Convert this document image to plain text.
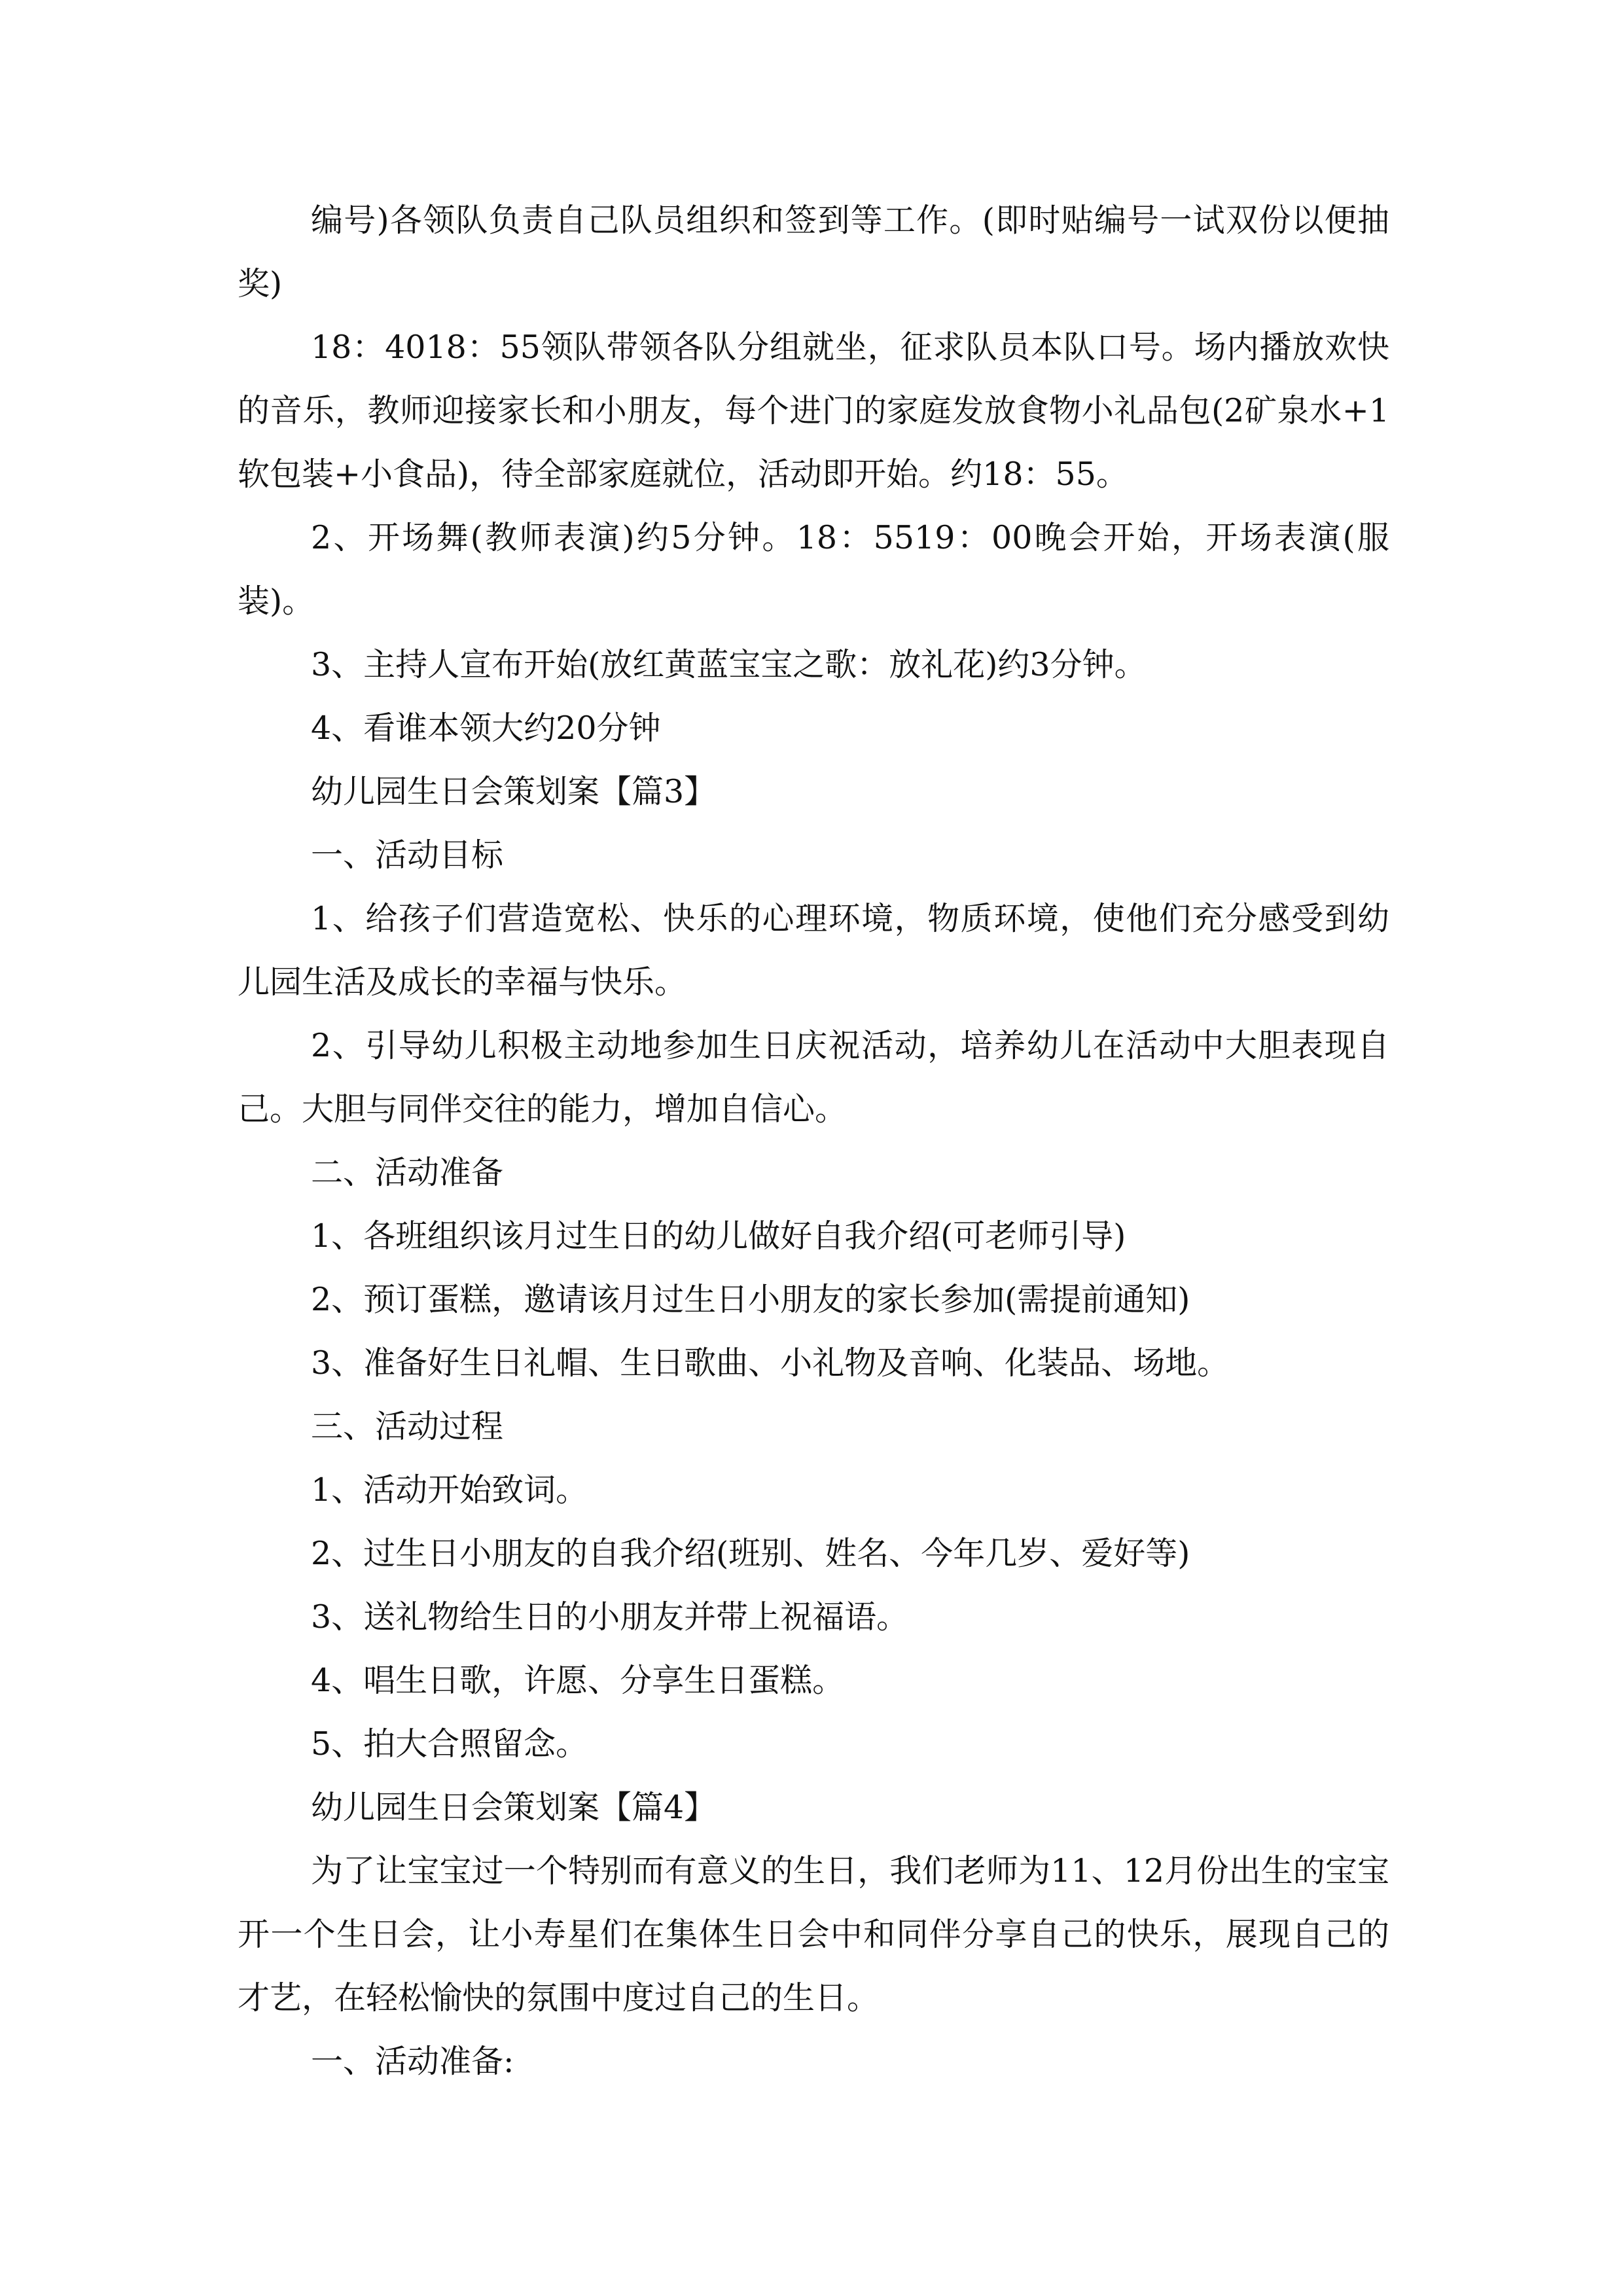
编号)各领队负责自己队员组织和签到等工作。(即时贴编号一试双份以便抽奖)

18：4018：55领队带领各队分组就坐，征求队员本队口号。场内播放欢快的音乐，教师迎接家长和小朋友，每个进门的家庭发放食物小礼品包(2矿泉水+1软包装+小食品)，待全部家庭就位，活动即开始。约18：55。

2、开场舞(教师表演)约5分钟。18：5519：00晚会开始，开场表演(服装)。

3、主持人宣布开始(放红黄蓝宝宝之歌：放礼花)约3分钟。

4、看谁本领大约20分钟

幼儿园生日会策划案【篇3】

一、活动目标

1、给孩子们营造宽松、快乐的心理环境，物质环境，使他们充分感受到幼儿园生活及成长的幸福与快乐。

2、引导幼儿积极主动地参加生日庆祝活动，培养幼儿在活动中大胆表现自己。大胆与同伴交往的能力，增加自信心。

二、活动准备

1、各班组织该月过生日的幼儿做好自我介绍(可老师引导)

2、预订蛋糕，邀请该月过生日小朋友的家长参加(需提前通知)

3、准备好生日礼帽、生日歌曲、小礼物及音响、化装品、场地。

三、活动过程

1、活动开始致词。

2、过生日小朋友的自我介绍(班别、姓名、今年几岁、爱好等)

3、送礼物给生日的小朋友并带上祝福语。

4、唱生日歌，许愿、分享生日蛋糕。

5、拍大合照留念。

幼儿园生日会策划案【篇4】

为了让宝宝过一个特别而有意义的生日，我们老师为11、12月份出生的宝宝开一个生日会，让小寿星们在集体生日会中和同伴分享自己的快乐，展现自己的才艺，在轻松愉快的氛围中度过自己的生日。

一、活动准备:
